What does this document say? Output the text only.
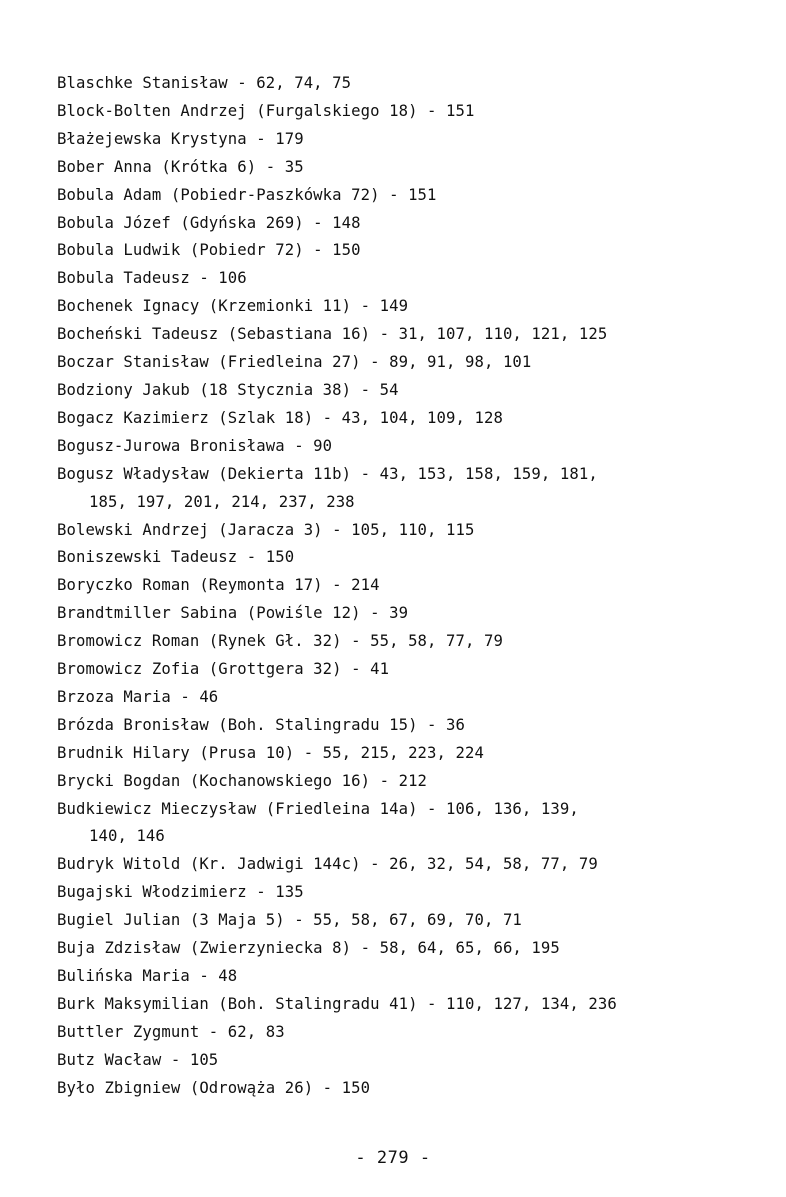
Blaschke Stanisław - 62, 74, 75
Block-Bolten Andrzej (Furgalskiego 18) - 151
Błażejewska Krystyna - 179
Bober Anna (Krótka 6) - 35
Bobula Adam (Pobiedr-Paszkówka 72) - 151
Bobula Józef (Gdyńska 269) - 148
Bobula Ludwik (Pobiedr 72) - 150
Bobula Tadeusz - 106
Bochenek Ignacy (Krzemionki 11) - 149
Bocheński Tadeusz (Sebastiana 16) - 31, 107, 110, 121, 125
Boczar Stanisław (Friedleina 27) - 89, 91, 98, 101
Bodziony Jakub (18 Stycznia 38) - 54
Bogacz Kazimierz (Szlak 18) - 43, 104, 109, 128
Bogusz-Jurowa Bronisława - 90
Bogusz Władysław (Dekierta 11b) - 43, 153, 158, 159, 181,
185, 197, 201, 214, 237, 238
Bolewski Andrzej (Jaracza 3) - 105, 110, 115
Boniszewski Tadeusz - 150
Boryczko Roman (Reymonta 17) - 214
Brandtmiller Sabina (Powiśle 12) - 39
Bromowicz Roman (Rynek Gł. 32) - 55, 58, 77, 79
Bromowicz Zofia (Grottgera 32) - 41
Brzoza Maria - 46
Brózda Bronisław (Boh. Stalingradu 15) - 36
Brudnik Hilary (Prusa 10) - 55, 215, 223, 224
Brycki Bogdan (Kochanowskiego 16) - 212
Budkiewicz Mieczysław (Friedleina 14a) - 106, 136, 139,
140, 146
Budryk Witold (Kr. Jadwigi 144c) - 26, 32, 54, 58, 77, 79
Bugajski Włodzimierz - 135
Bugiel Julian (3 Maja 5) - 55, 58, 67, 69, 70, 71
Buja Zdzisław (Zwierzyniecka 8) - 58, 64, 65, 66, 195
Bulińska Maria - 48
Burk Maksymilian (Boh. Stalingradu 41) - 110, 127, 134, 236
Buttler Zygmunt - 62, 83
Butz Wacław - 105
Było Zbigniew (Odrowąża 26) - 150
- 279 -
